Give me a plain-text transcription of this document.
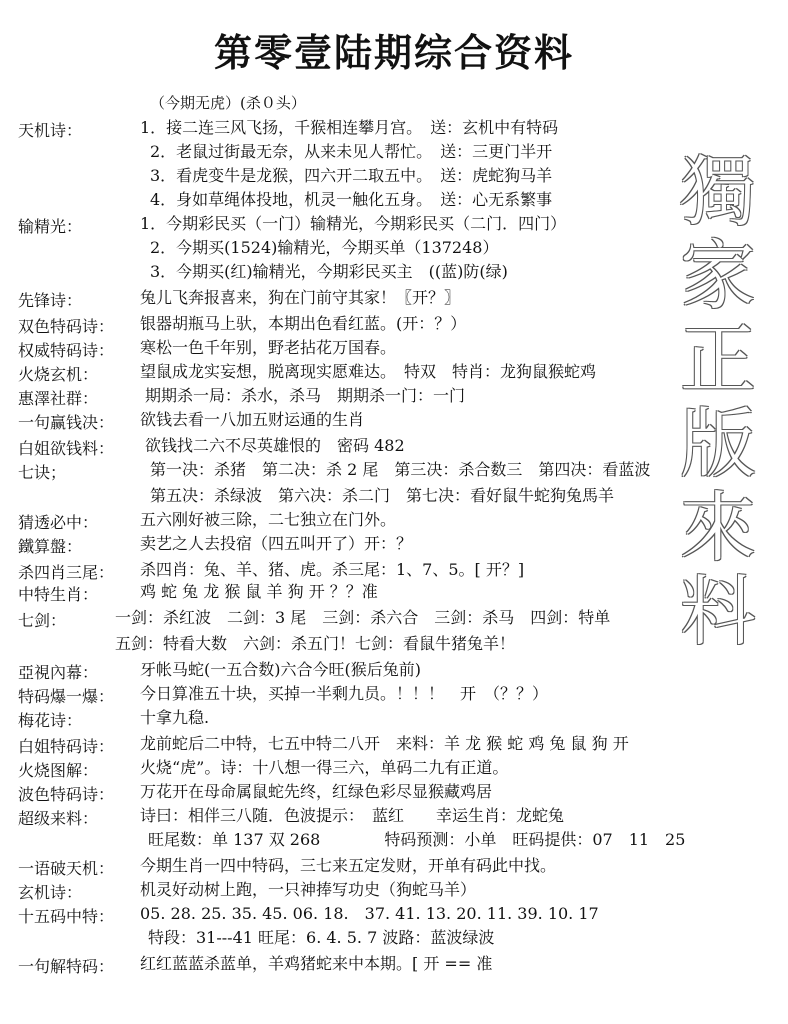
第零壹陆期综合资料
（今期无虎）(杀０头）
天机诗：	1．接二连三风飞扬，千猴相连攀月宫。　送：玄机中有特码
2．老鼠过街最无奈，从来未见人帮忙。　送：三更门半开
3．看虎变牛是龙猴，四六开二取五中。　送：虎蛇狗马羊
4．身如草绳体投地，机灵一触化五身。　送：心无系繁事
输精光：	1．今期彩民买（一门）输精光，今期彩民买（二门．四门）
2．今期买(1524)输精光，今期买单（137248）
3．今期买(红)输精光，今期彩民买主　((蓝)防(绿)
先锋诗：	兔儿飞奔报喜来，狗在门前守其家！〖开？〗
双色特码诗： 银器胡瓶马上驮，本期出色看红蓝。(开：？）
权威特码诗： 寒松一色千年别，野老拈花万国春。
火烧玄机：	望鼠成龙实妄想，脱离现实愿难达。　特双　特肖：龙狗鼠猴蛇鸡
惠澤社群：	期期杀一局：杀水，杀马　期期杀一门：一门
一句赢钱决： 欲钱去看一八加五财运通的生肖
白姐欲钱料： 欲钱找二六不尽英雄恨的　密码 482
七诀；	第一决：杀猪　第二决：杀 2 尾　第三决：杀合数三　第四决：看蓝波
第五决：杀绿波　第六决：杀二门　第七决：看好鼠牛蛇狗兔馬羊
猜透必中：	五六刚好被三除，二七独立在门外。
鐵算盤：	卖艺之人去投宿（四五叫开了）开：？
杀四肖三尾： 杀四肖：兔、羊、猪、虎。杀三尾：1、7、5。[ 开？]
中特生肖：	鸡 蛇 兔 龙 猴 鼠 羊 狗 开 ？？准
七剑：	一剑：杀红波　二剑：3 尾　三剑：杀六合　三剑：杀马　四剑：特单
五剑：特看大数　六剑：杀五门！七剑：看鼠牛猪兔羊！
亞視內幕：	牙帐马蛇(一五合数)六合今旺(猴后兔前)
特码爆一爆： 今日算准五十块，买掉一半剩九员。！！！　开　（？？）
梅花诗：	十拿九稳.
白姐特码诗： 龙前蛇后二中特，七五中特二八开　来料：羊 龙 猴 蛇 鸡 兔 鼠 狗 开
火烧图解：	火烧“虎”。诗：十八想一得三六，单码二九有正道。
波色特码诗： 万花开在母命属鼠蛇先终，红绿色彩尽显猴藏鸡居
超级来料：	诗曰：相伴三八随．色波提示：　蓝红　　幸运生肖：龙蛇兔
旺尾数：单 137 双 268　　　　特码预测：小单　旺码提供：07　11　25
一语破天机： 今期生肖一四中特码，三七来五定发财，开单有码此中找。
玄机诗：	机灵好动树上跑，一只神捧写功史（狗蛇马羊）
十五码中特： 05. 28. 25. 35. 45. 06. 18.　37. 41. 13. 20. 11. 39. 10. 17
特段：31---41 旺尾：6. 4. 5. 7 波路：蓝波绿波
一句解特码： 红红蓝蓝杀蓝单，羊鸡猪蛇来中本期。[ 开 == 准
獨
家
正
版
來
料
